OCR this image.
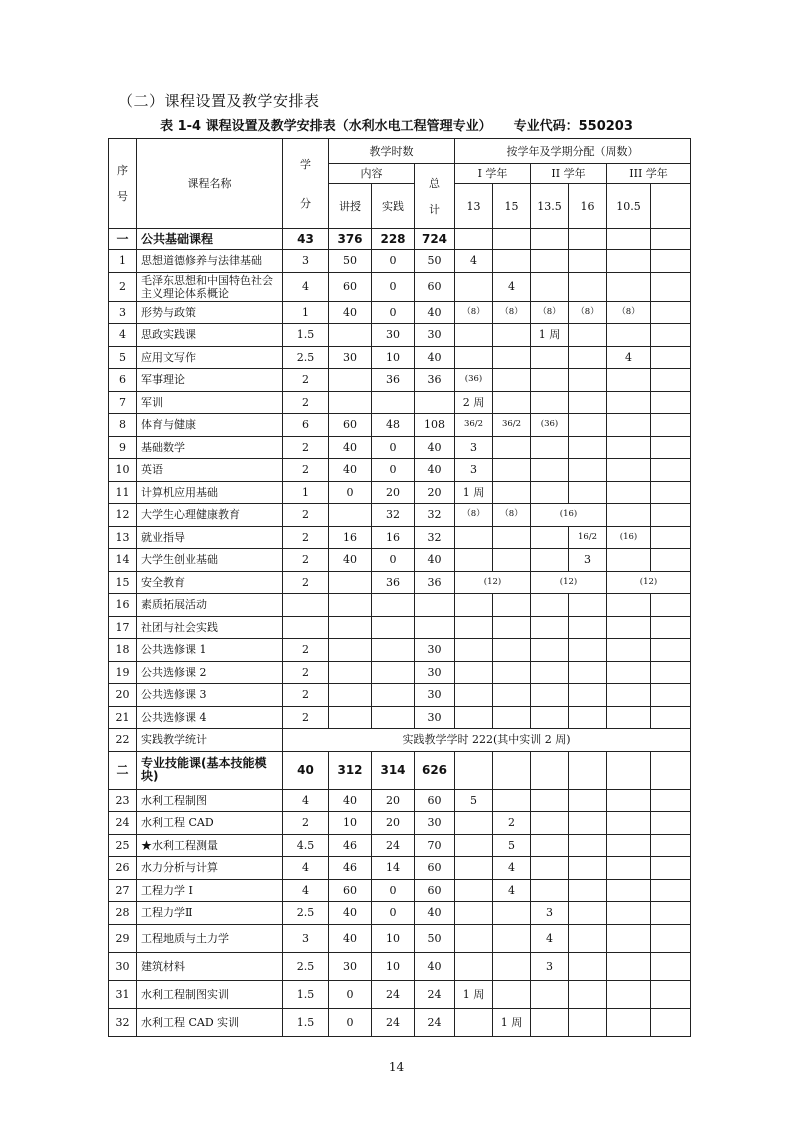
（二）课程设置及教学安排表
表 1-4 课程设置及教学安排表（水利水电工程管理专业） 专业代码：550203
序

号	课程名称	学

分	教学时数			按学年及学期分配（周数）					
			内容		总

计	I 学年		II 学年		III 学年	
			讲授	实践		13	15	13.5	16	10.5	
一	公共基础课程	43	376	228	724						
1	思想道德修养与法律基础	3	50	0	50	4					
2	毛泽东思想和中国特色社会主义理论体系概论	4	60	0	60		4				
3	形势与政策	1	40	0	40	（8）	（8）	（8）	（8）	（8）	
4	思政实践课	1.5		30	30			1 周			
5	应用文写作	2.5	30	10	40					4	
6	军事理论	2		36	36	(36)					
7	军训	2				2 周					
8	体育与健康	6	60	48	108	36/2	36/2	(36)			
9	基础数学	2	40	0	40	3					
10	英语	2	40	0	40	3					
11	计算机应用基础	1	0	20	20	1 周					
12	大学生心理健康教育	2		32	32	（8）	（8）	(16)			
13	就业指导	2	16	16	32				16/2	(16)	
14	大学生创业基础	2	40	0	40				3		
15	安全教育	2		36	36	(12)		(12)		(12)	
16	素质拓展活动										
17	社团与社会实践										
18	公共选修课 1	2			30						
19	公共选修课 2	2			30						
20	公共选修课 3	2			30						
21	公共选修课 4	2			30						
22	实践教学统计	实践教学学时 222(其中实训 2 周)									
二	专业技能课(基本技能模块)	40	312	314	626						
23	水利工程制图	4	40	20	60	5					
24	水利工程 CAD	2	10	20	30		2				
25	★水利工程测量	4.5	46	24	70		5				
26	水力分析与计算	4	46	14	60		4				
27	工程力学 I	4	60	0	60		4				
28	工程力学Ⅱ	2.5	40	0	40			3			
29	工程地质与土力学	3	40	10	50			4			
30	建筑材料	2.5	30	10	40			3			
31	水利工程制图实训	1.5	0	24	24	1 周					
32	水利工程 CAD 实训	1.5	0	24	24		1 周				
14
